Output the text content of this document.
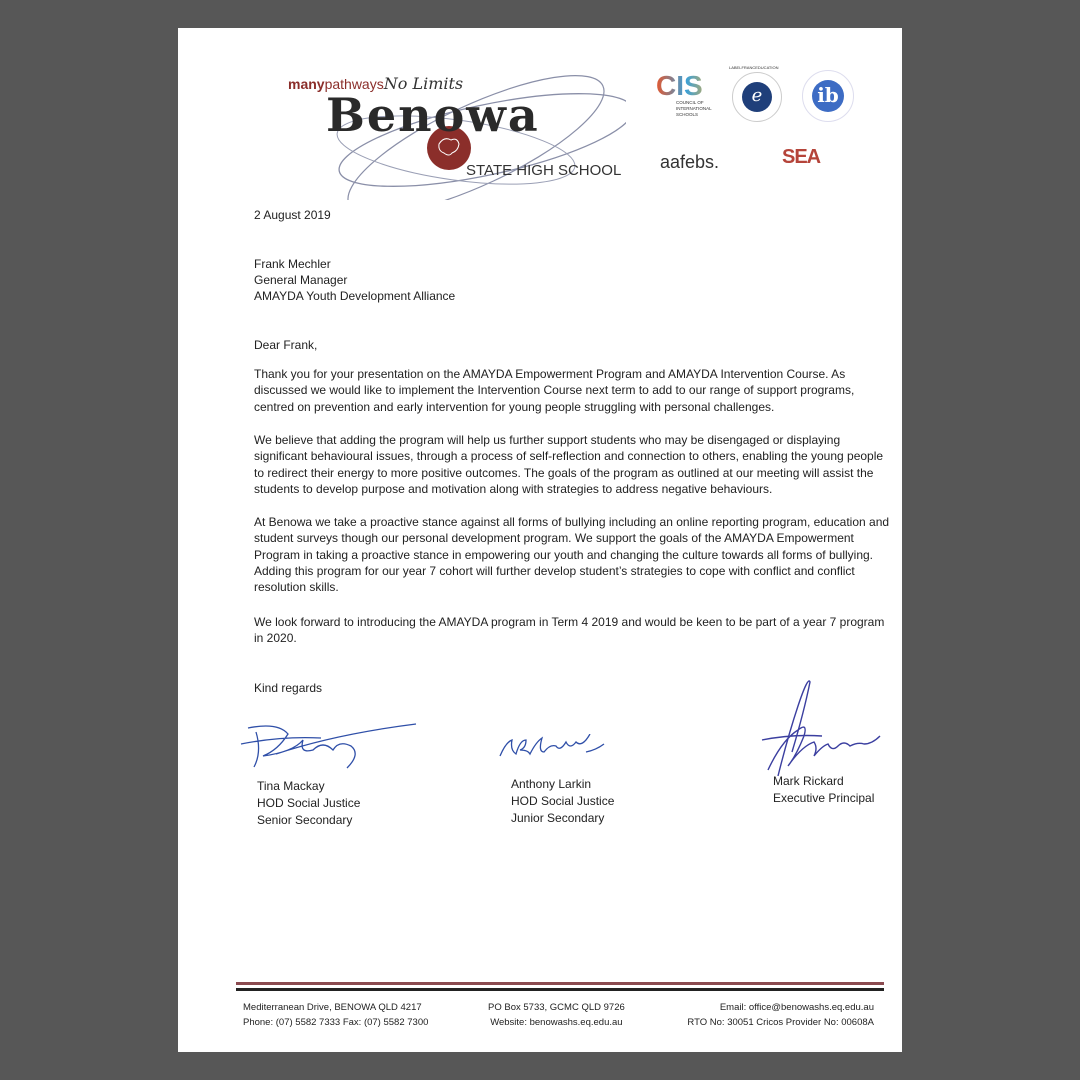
manypathwaysNo Limits
Benowa
STATE HIGH SCHOOL
CIS
COUNCIL OF INTERNATIONAL SCHOOLS
e
LABELFRANCEDUCATION
ib
aafebs.	SEA
2 August 2019
Frank Mechler
General Manager
AMAYDA Youth Development Alliance
Dear Frank,

Thank you for your presentation on the AMAYDA Empowerment Program and AMAYDA Intervention Course. As discussed we would like to implement the Intervention Course next term to add to our range of support programs, centred on prevention and early intervention for young people struggling with personal challenges.

We believe that adding the program will help us further support students who may be disengaged or displaying significant behavioural issues, through a process of self-reflection and connection to others, enabling the young people to redirect their energy to more positive outcomes. The goals of the program as outlined at our meeting will assist the students to develop purpose and motivation along with strategies to address negative behaviours.

At Benowa we take a proactive stance against all forms of bullying including an online reporting program, education and student surveys though our personal development program. We support the goals of the AMAYDA Empowerment Program in taking a proactive stance in empowering our youth and changing the culture towards all forms of bullying. Adding this program for our year 7 cohort will further develop student’s strategies to cope with conflict and conflict resolution skills.

We look forward to introducing the AMAYDA program in Term 4 2019 and would be keen to be part of a year 7 program in 2020.

Kind regards
Tina Mackay
HOD Social Justice
Senior Secondary
Anthony Larkin
HOD Social Justice
Junior Secondary
Mark Rickard
Executive Principal
Mediterranean Drive, BENOWA QLD 4217
Phone: (07) 5582 7333 Fax: (07) 5582 7300
PO Box 5733, GCMC QLD 9726
Website: benowashs.eq.edu.au
Email: office@benowashs.eq.edu.au
RTO No: 30051 Cricos Provider No: 00608A
